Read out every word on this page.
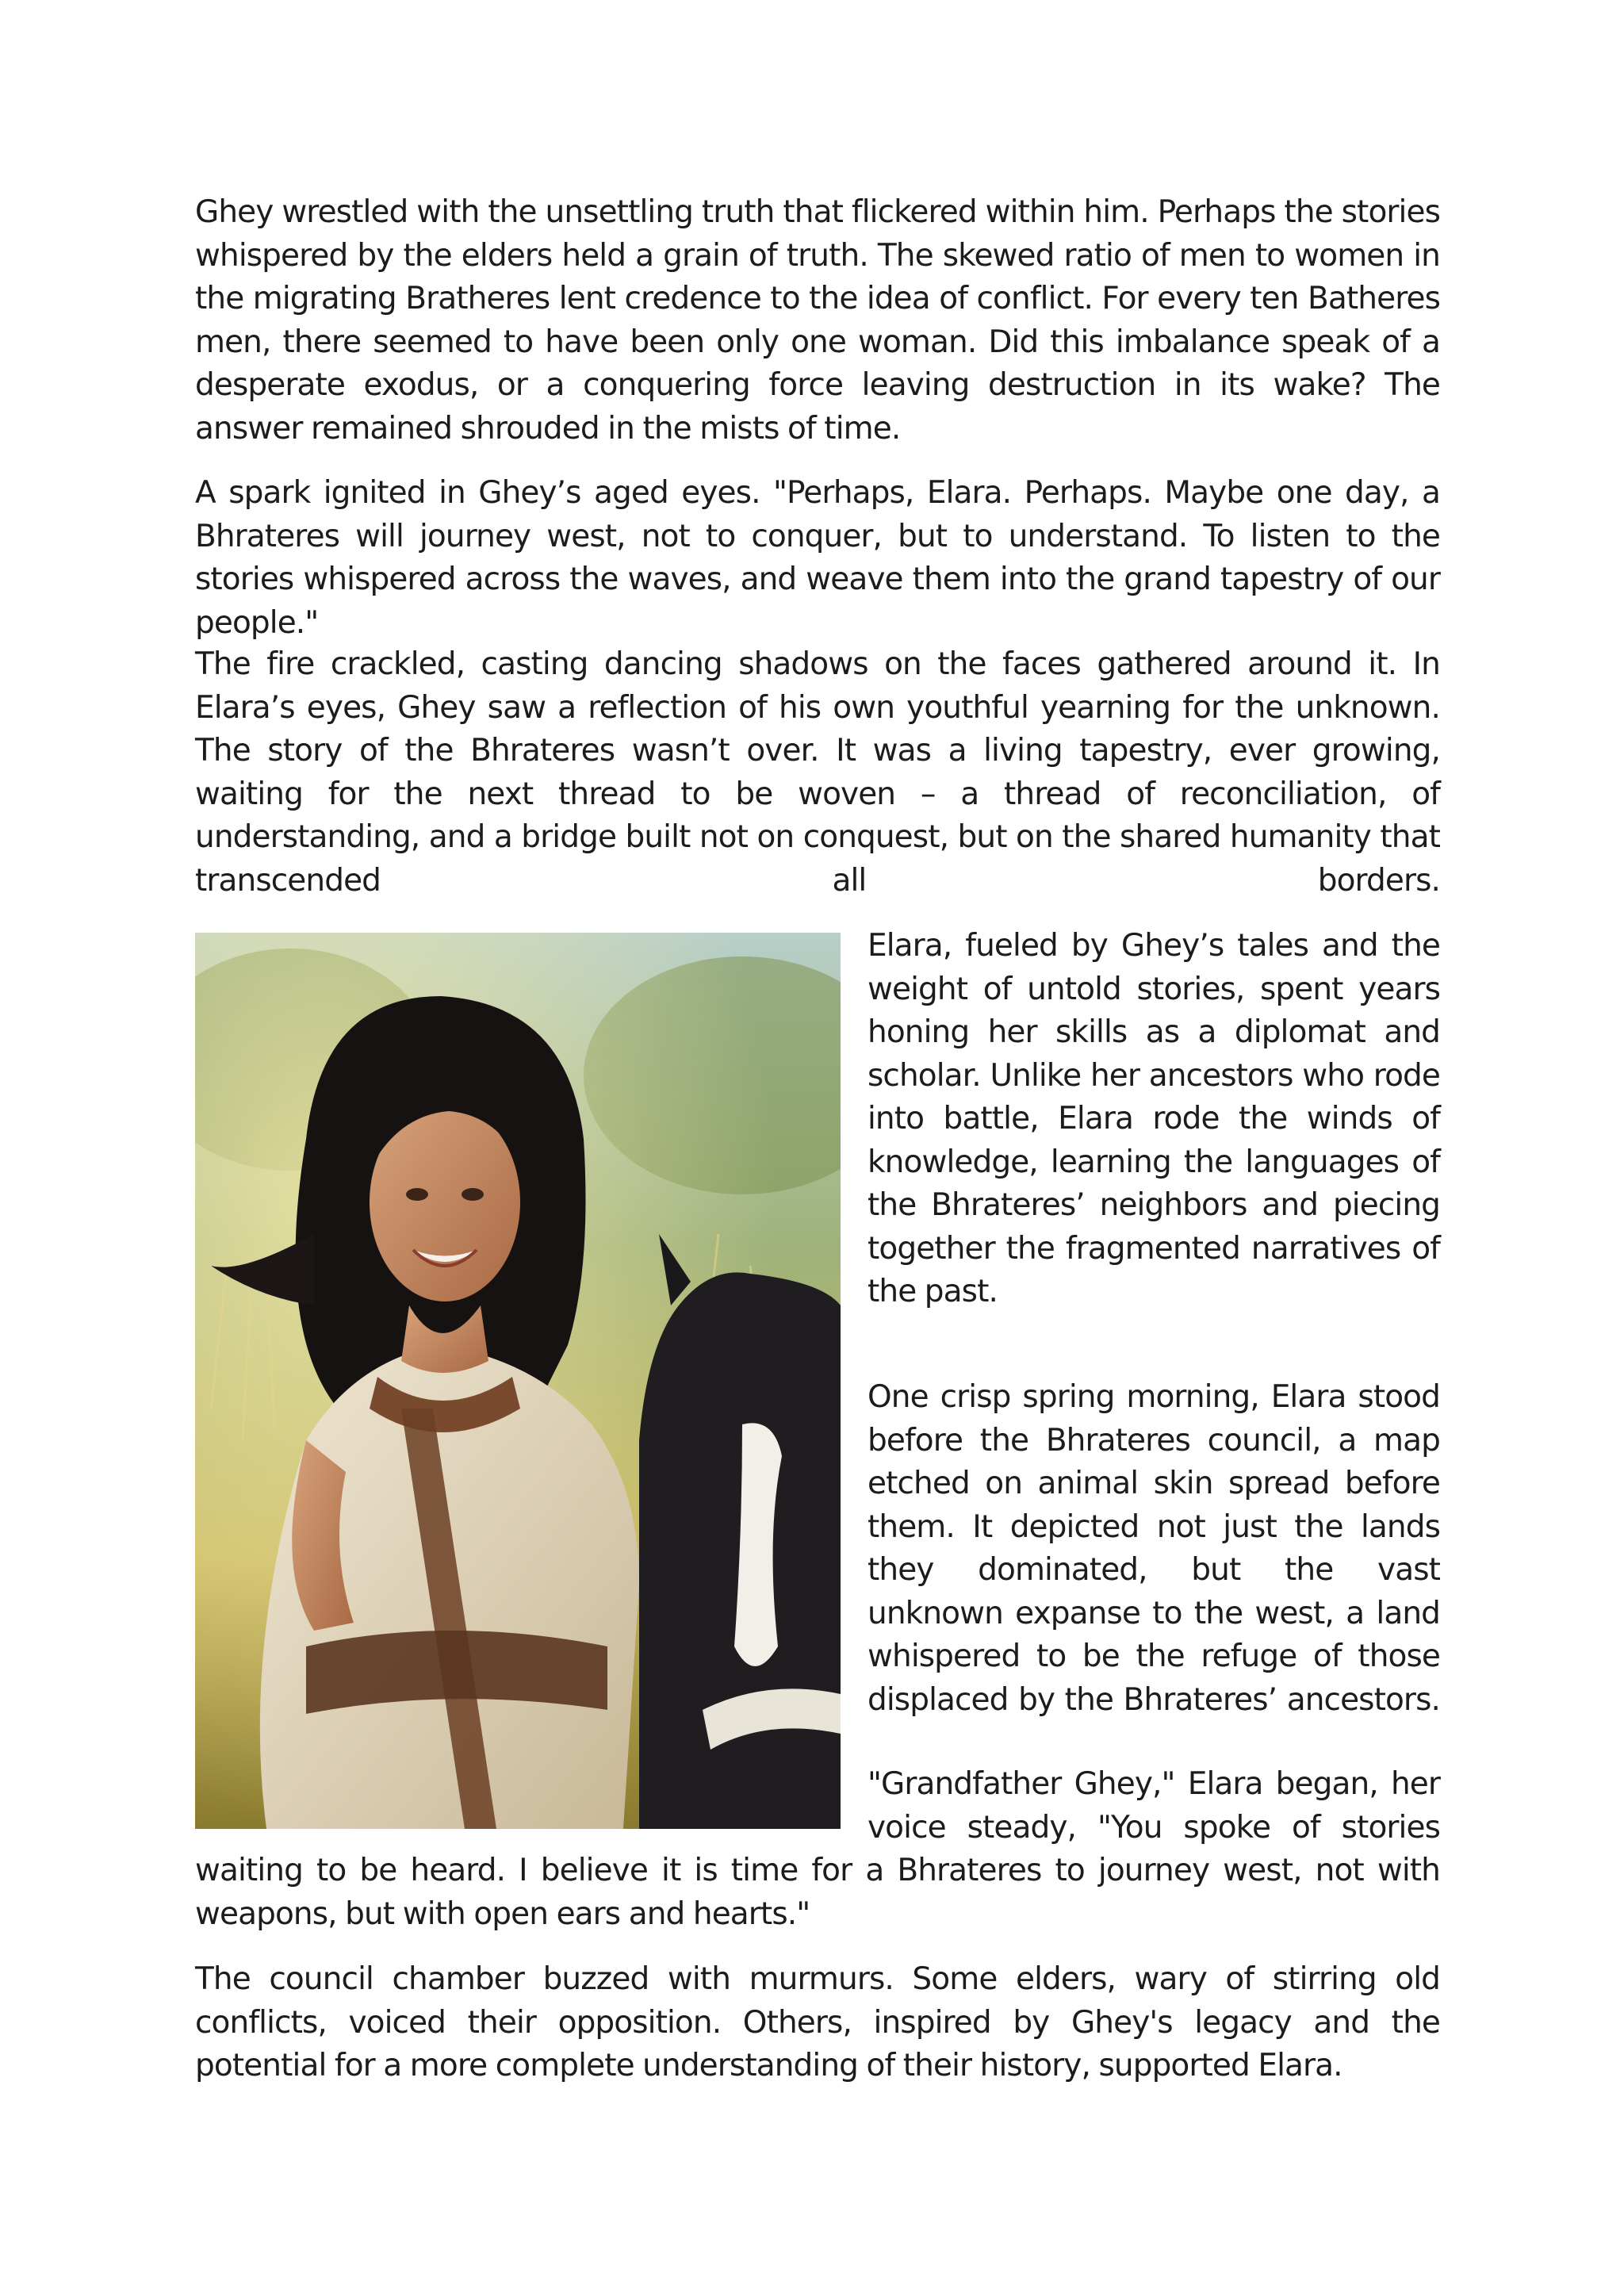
Ghey wrestled with the unsettling truth that flickered within him. Perhaps the stories whispered by the elders held a grain of truth. The skewed ratio of men to women in the migrating Bratheres lent credence to the idea of conflict. For every ten Batheres men, there seemed to have been only one woman. Did this imbalance speak of a desperate exodus, or a conquering force leaving destruction in its wake? The answer remained shrouded in the mists of time.

A spark ignited in Ghey’s aged eyes. "Perhaps, Elara. Perhaps. Maybe one day, a Bhrateres will journey west, not to conquer, but to understand. To listen to the stories whispered across the waves, and weave them into the grand tapestry of our people."

The fire crackled, casting dancing shadows on the faces gathered around it. In Elara’s eyes, Ghey saw a reflection of his own youthful yearning for the unknown. The story of the Bhrateres wasn’t over. It was a living tapestry, ever growing, waiting for the next thread to be woven – a thread of reconciliation, of understanding, and a bridge built not on conquest, but on the shared humanity that transcended all borders.

Elara, fueled by Ghey’s tales and the weight of untold stories, spent years honing her skills as a diplomat and scholar. Unlike her ancestors who rode into battle, Elara rode the winds of knowledge, learning the languages of the Bhrateres’ neighbors and piecing together the fragmented narratives of the past.

One crisp spring morning, Elara stood before the Bhrateres council, a map etched on animal skin spread before them. It depicted not just the lands they dominated, but the vast unknown expanse to the west, a land whispered to be the refuge of those displaced by the Bhrateres’ ancestors.

"Grandfather Ghey," Elara began, her voice steady, "You spoke of stories

waiting to be heard. I believe it is time for a Bhrateres to journey west, not with weapons, but with open ears and hearts."

The council chamber buzzed with murmurs. Some elders, wary of stirring old conflicts, voiced their opposition. Others, inspired by Ghey's legacy and the potential for a more complete understanding of their history, supported Elara.
